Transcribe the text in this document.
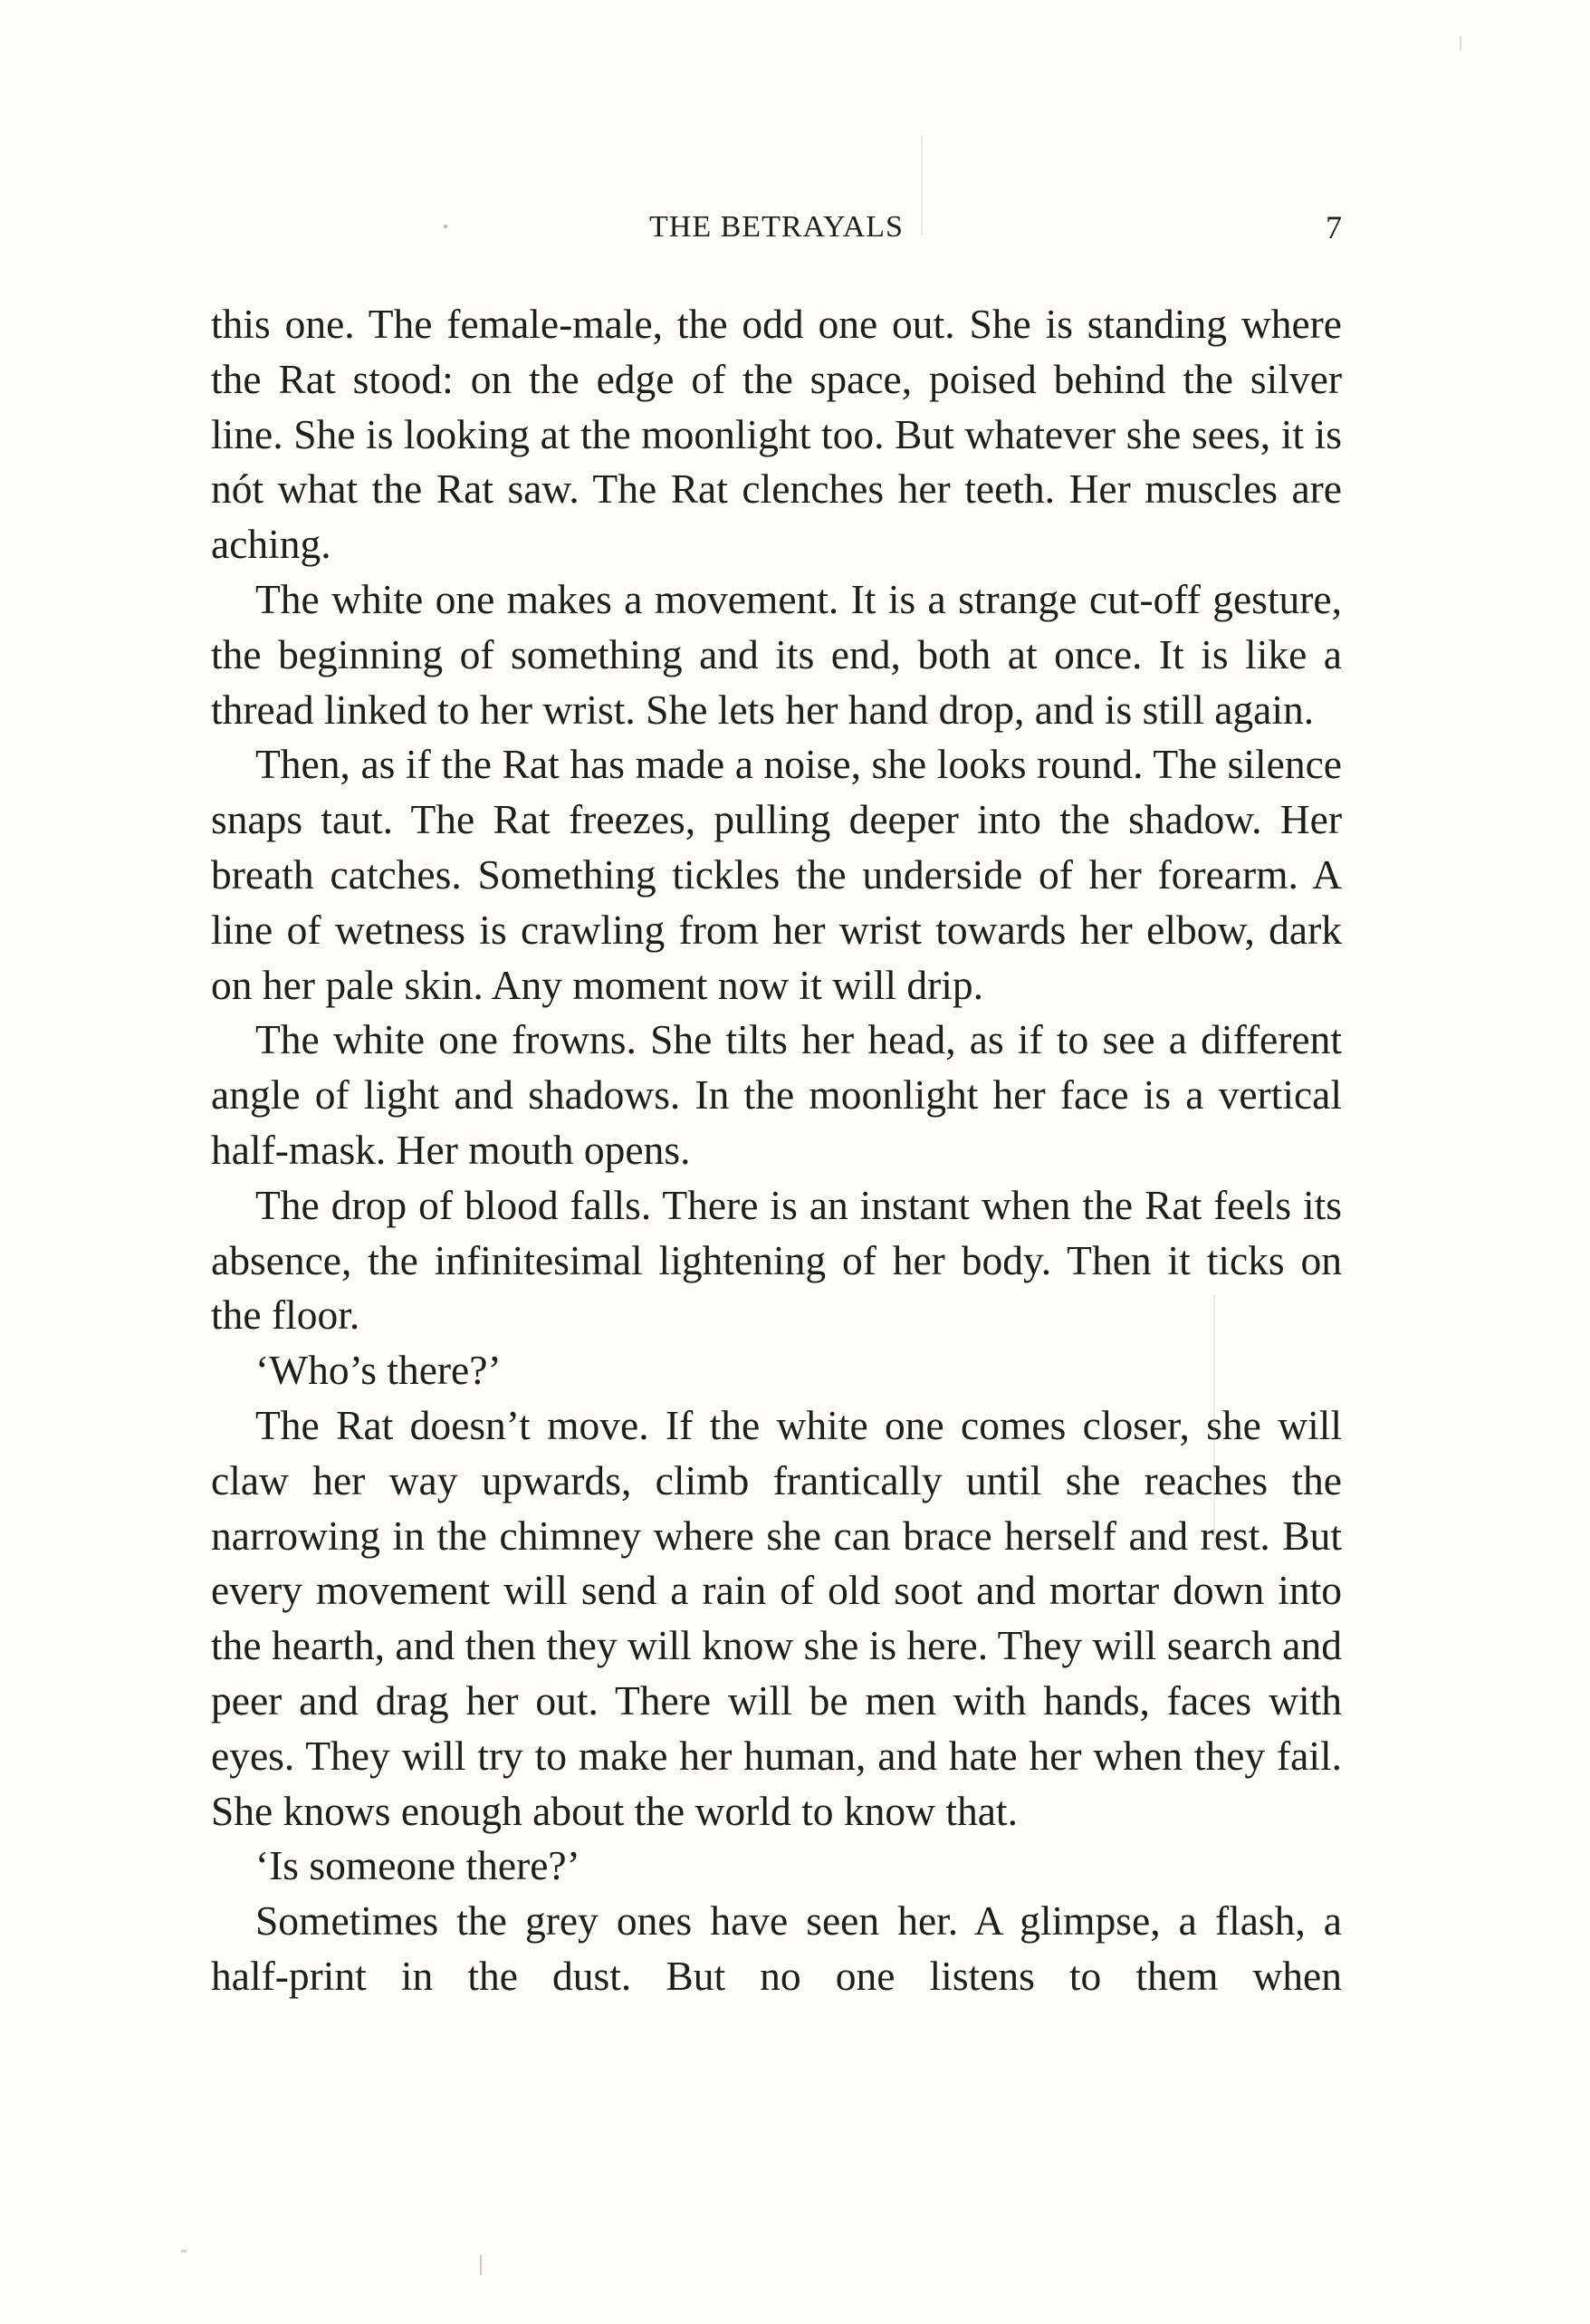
THE BETRAYALS	7

this one. The female-male, the odd one out. She is standing where the Rat stood: on the edge of the space, poised behind the silver line. She is looking at the moonlight too. But whatever she sees, it is nót what the Rat saw. The Rat clenches her teeth. Her muscles are aching.

The white one makes a movement. It is a strange cut-off gesture, the beginning of something and its end, both at once. It is like a thread linked to her wrist. She lets her hand drop, and is still again.

Then, as if the Rat has made a noise, she looks round. The silence snaps taut. The Rat freezes, pulling deeper into the shadow. Her breath catches. Something tickles the underside of her forearm. A line of wetness is crawling from her wrist towards her elbow, dark on her pale skin. Any moment now it will drip.

The white one frowns. She tilts her head, as if to see a different angle of light and shadows. In the moonlight her face is a vertical half-mask. Her mouth opens.

The drop of blood falls. There is an instant when the Rat feels its absence, the infinitesimal lightening of her body. Then it ticks on the floor.

‘Who’s there?’

The Rat doesn’t move. If the white one comes closer, she will claw her way upwards, climb frantically until she reaches the narrowing in the chimney where she can brace herself and rest. But every movement will send a rain of old soot and mortar down into the hearth, and then they will know she is here. They will search and peer and drag her out. There will be men with hands, faces with eyes. They will try to make her human, and hate her when they fail. She knows enough about the world to know that.

‘Is someone there?’

Sometimes the grey ones have seen her. A glimpse, a flash, a half-print in the dust. But no one listens to them when
